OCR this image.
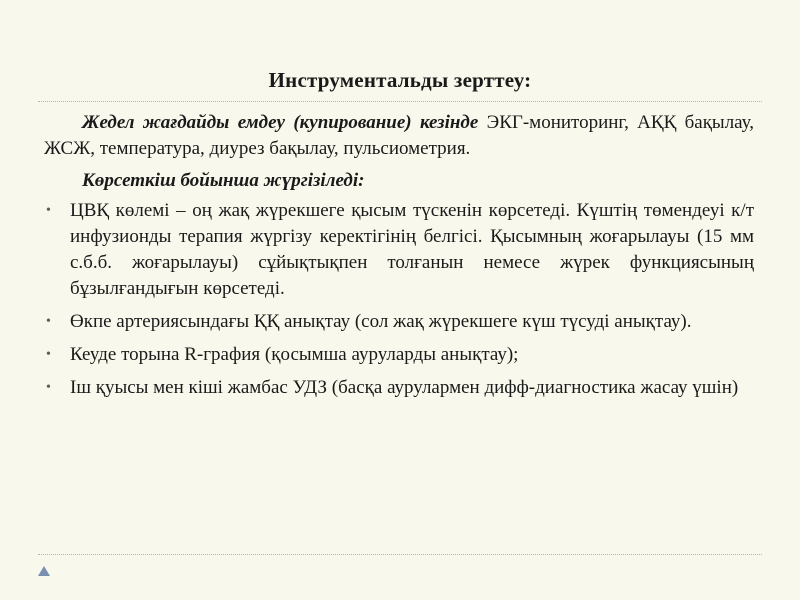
Инструментальды зерттеу:

Жедел жағдайды емдеу (купирование) кезінде ЭКГ-мониторинг, АҚҚ бақылау, ЖСЖ, температура, диурез бақылау, пульсиометрия.

Көрсеткіш бойынша жүргізіледі:
• ЦВҚ көлемі – оң жақ жүрекшеге қысым түскенін көрсетеді. Күштің төмендеуі к/т инфузионды терапия жүргізу керектігінің белгісі. Қысымның жоғарылауы (15 мм с.б.б. жоғарылауы) сұйықтықпен толғанын немесе жүрек функциясының бұзылғандығын көрсетеді.
• Өкпе артериясындағы ҚҚ анықтау (сол жақ жүрекшеге күш түсуді анықтау).
• Кеуде торына R-графия (қосымша ауруларды анықтау);
• Іш қуысы мен кіші жамбас УДЗ (басқа аурулармен дифф-диагностика жасау үшін)
